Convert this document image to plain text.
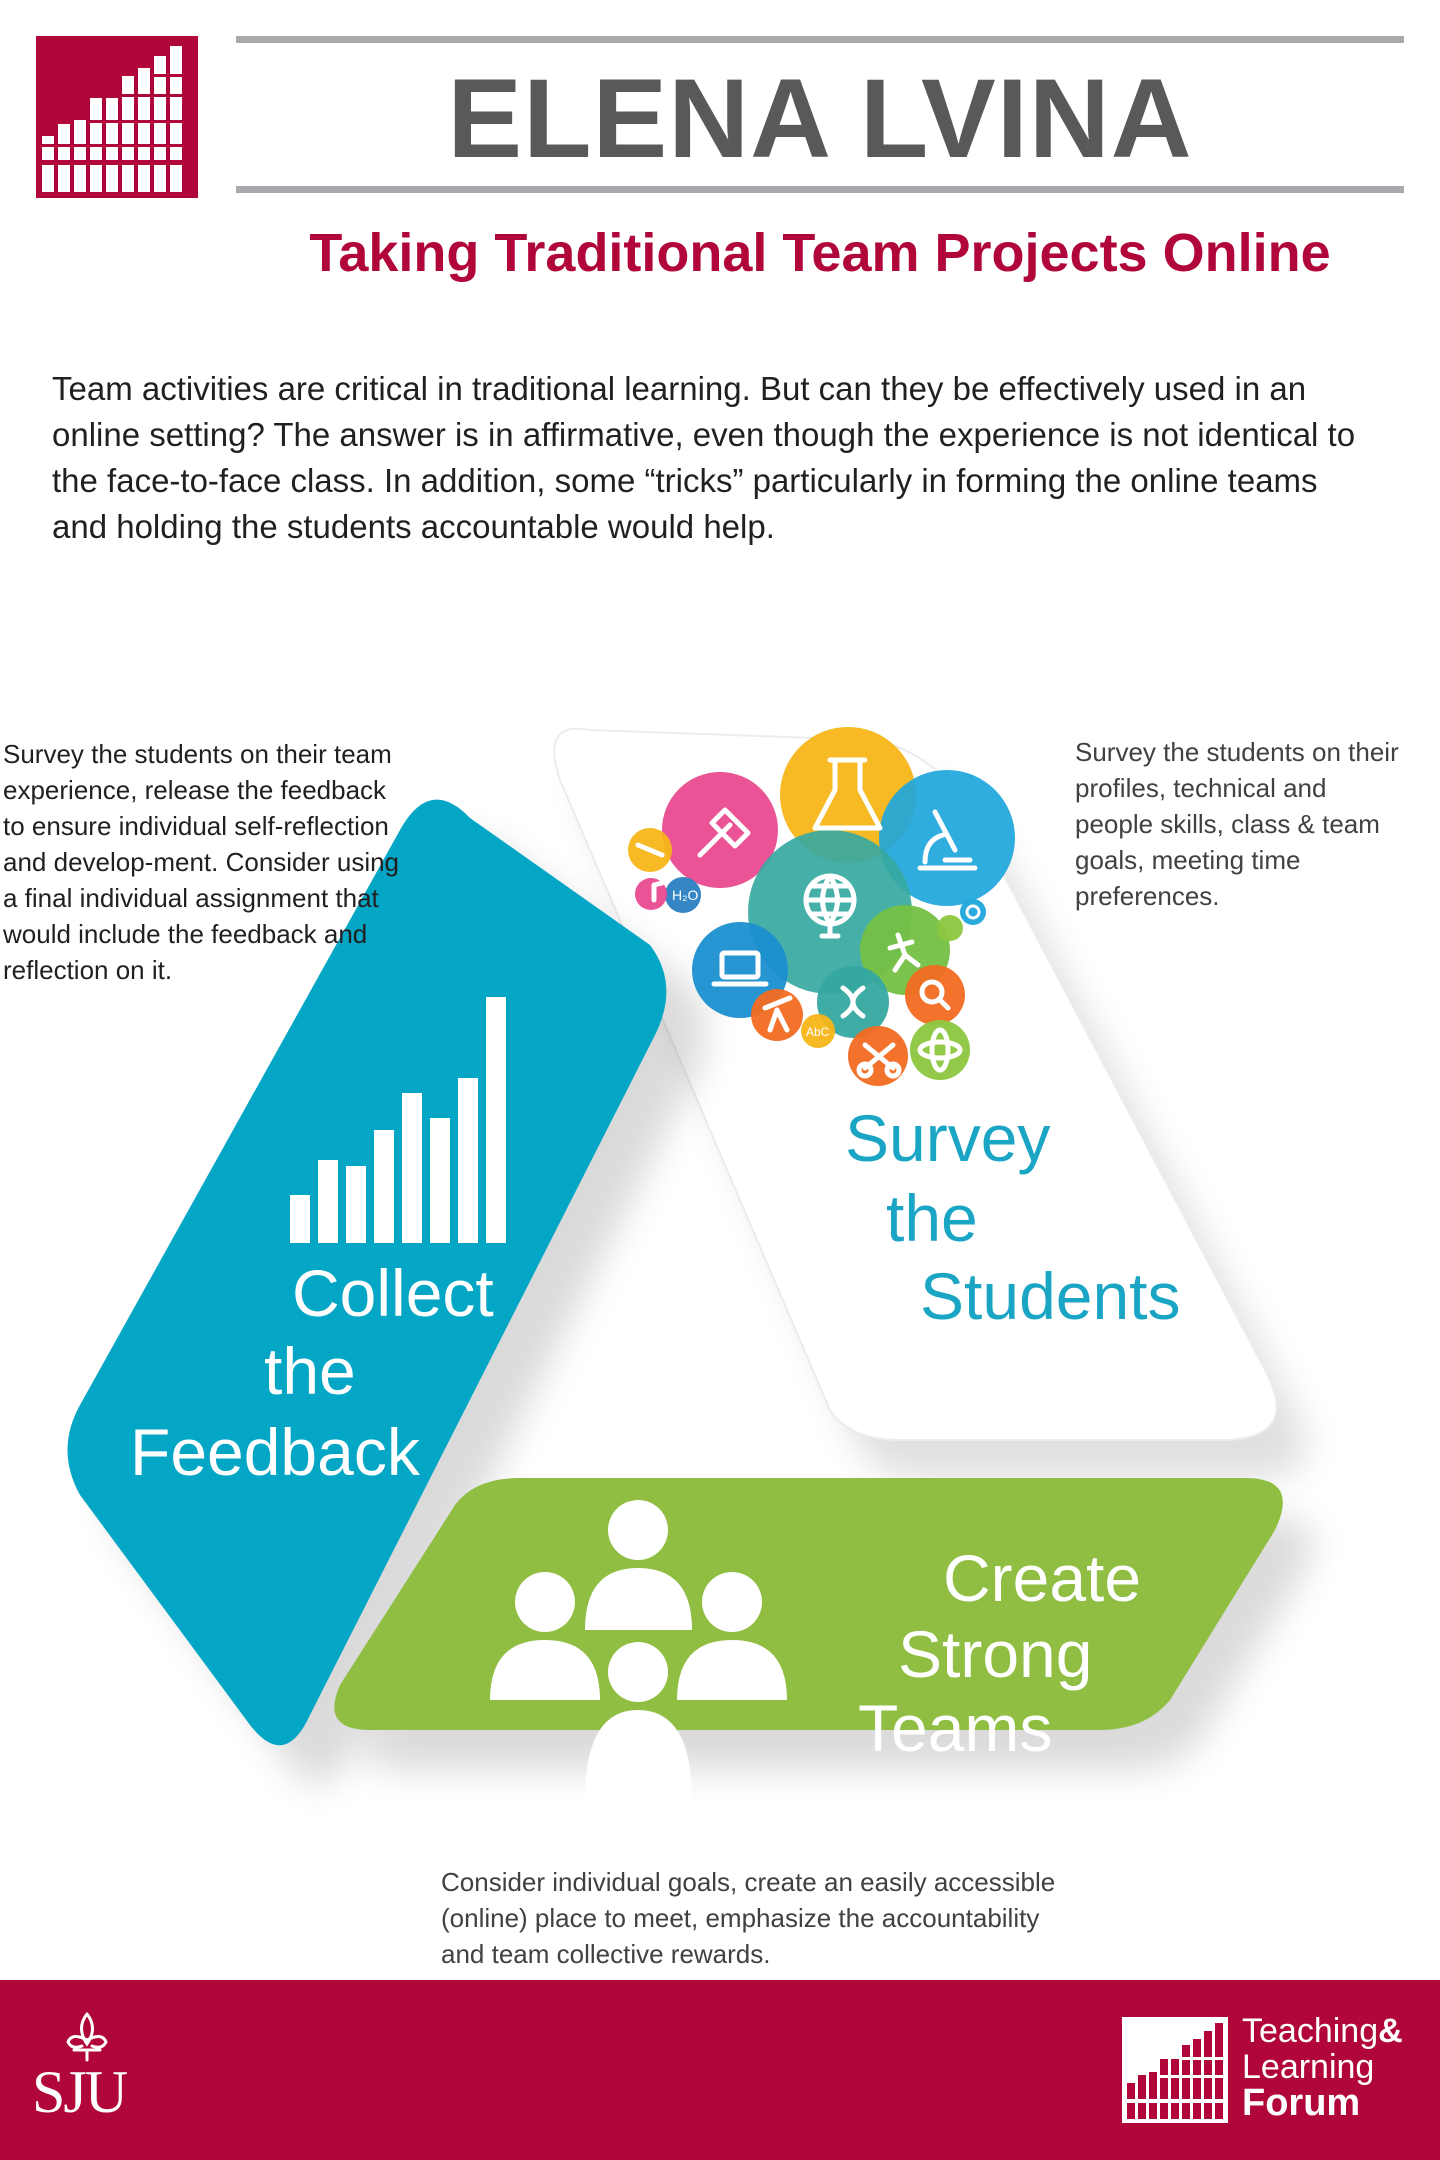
ELENA LVINA
Taking Traditional Team Projects Online

Team activities are critical in traditional learning. But can they be effectively used in an online setting? The answer is in affirmative, even though the experience is not identical to the face-to-face class. In addition, some “tricks” particularly in forming the online teams and holding the students accountable would help.

H₂O
AbC

Collect

the

Feedback

Survey

the

Students

Create

Strong

Teams

Survey the students on their team experience, release the feedback to ensure individual self-reflection and develop-ment. Consider using a final individual assignment that would include the feedback and reflection on it.

Survey the students on their profiles, technical and people skills, class & team goals, meeting time preferences.

Consider individual goals, create an easily accessible (online) place to meet, emphasize the accountability and team collective rewards.

SJU

Teaching&

Learning

Forum
